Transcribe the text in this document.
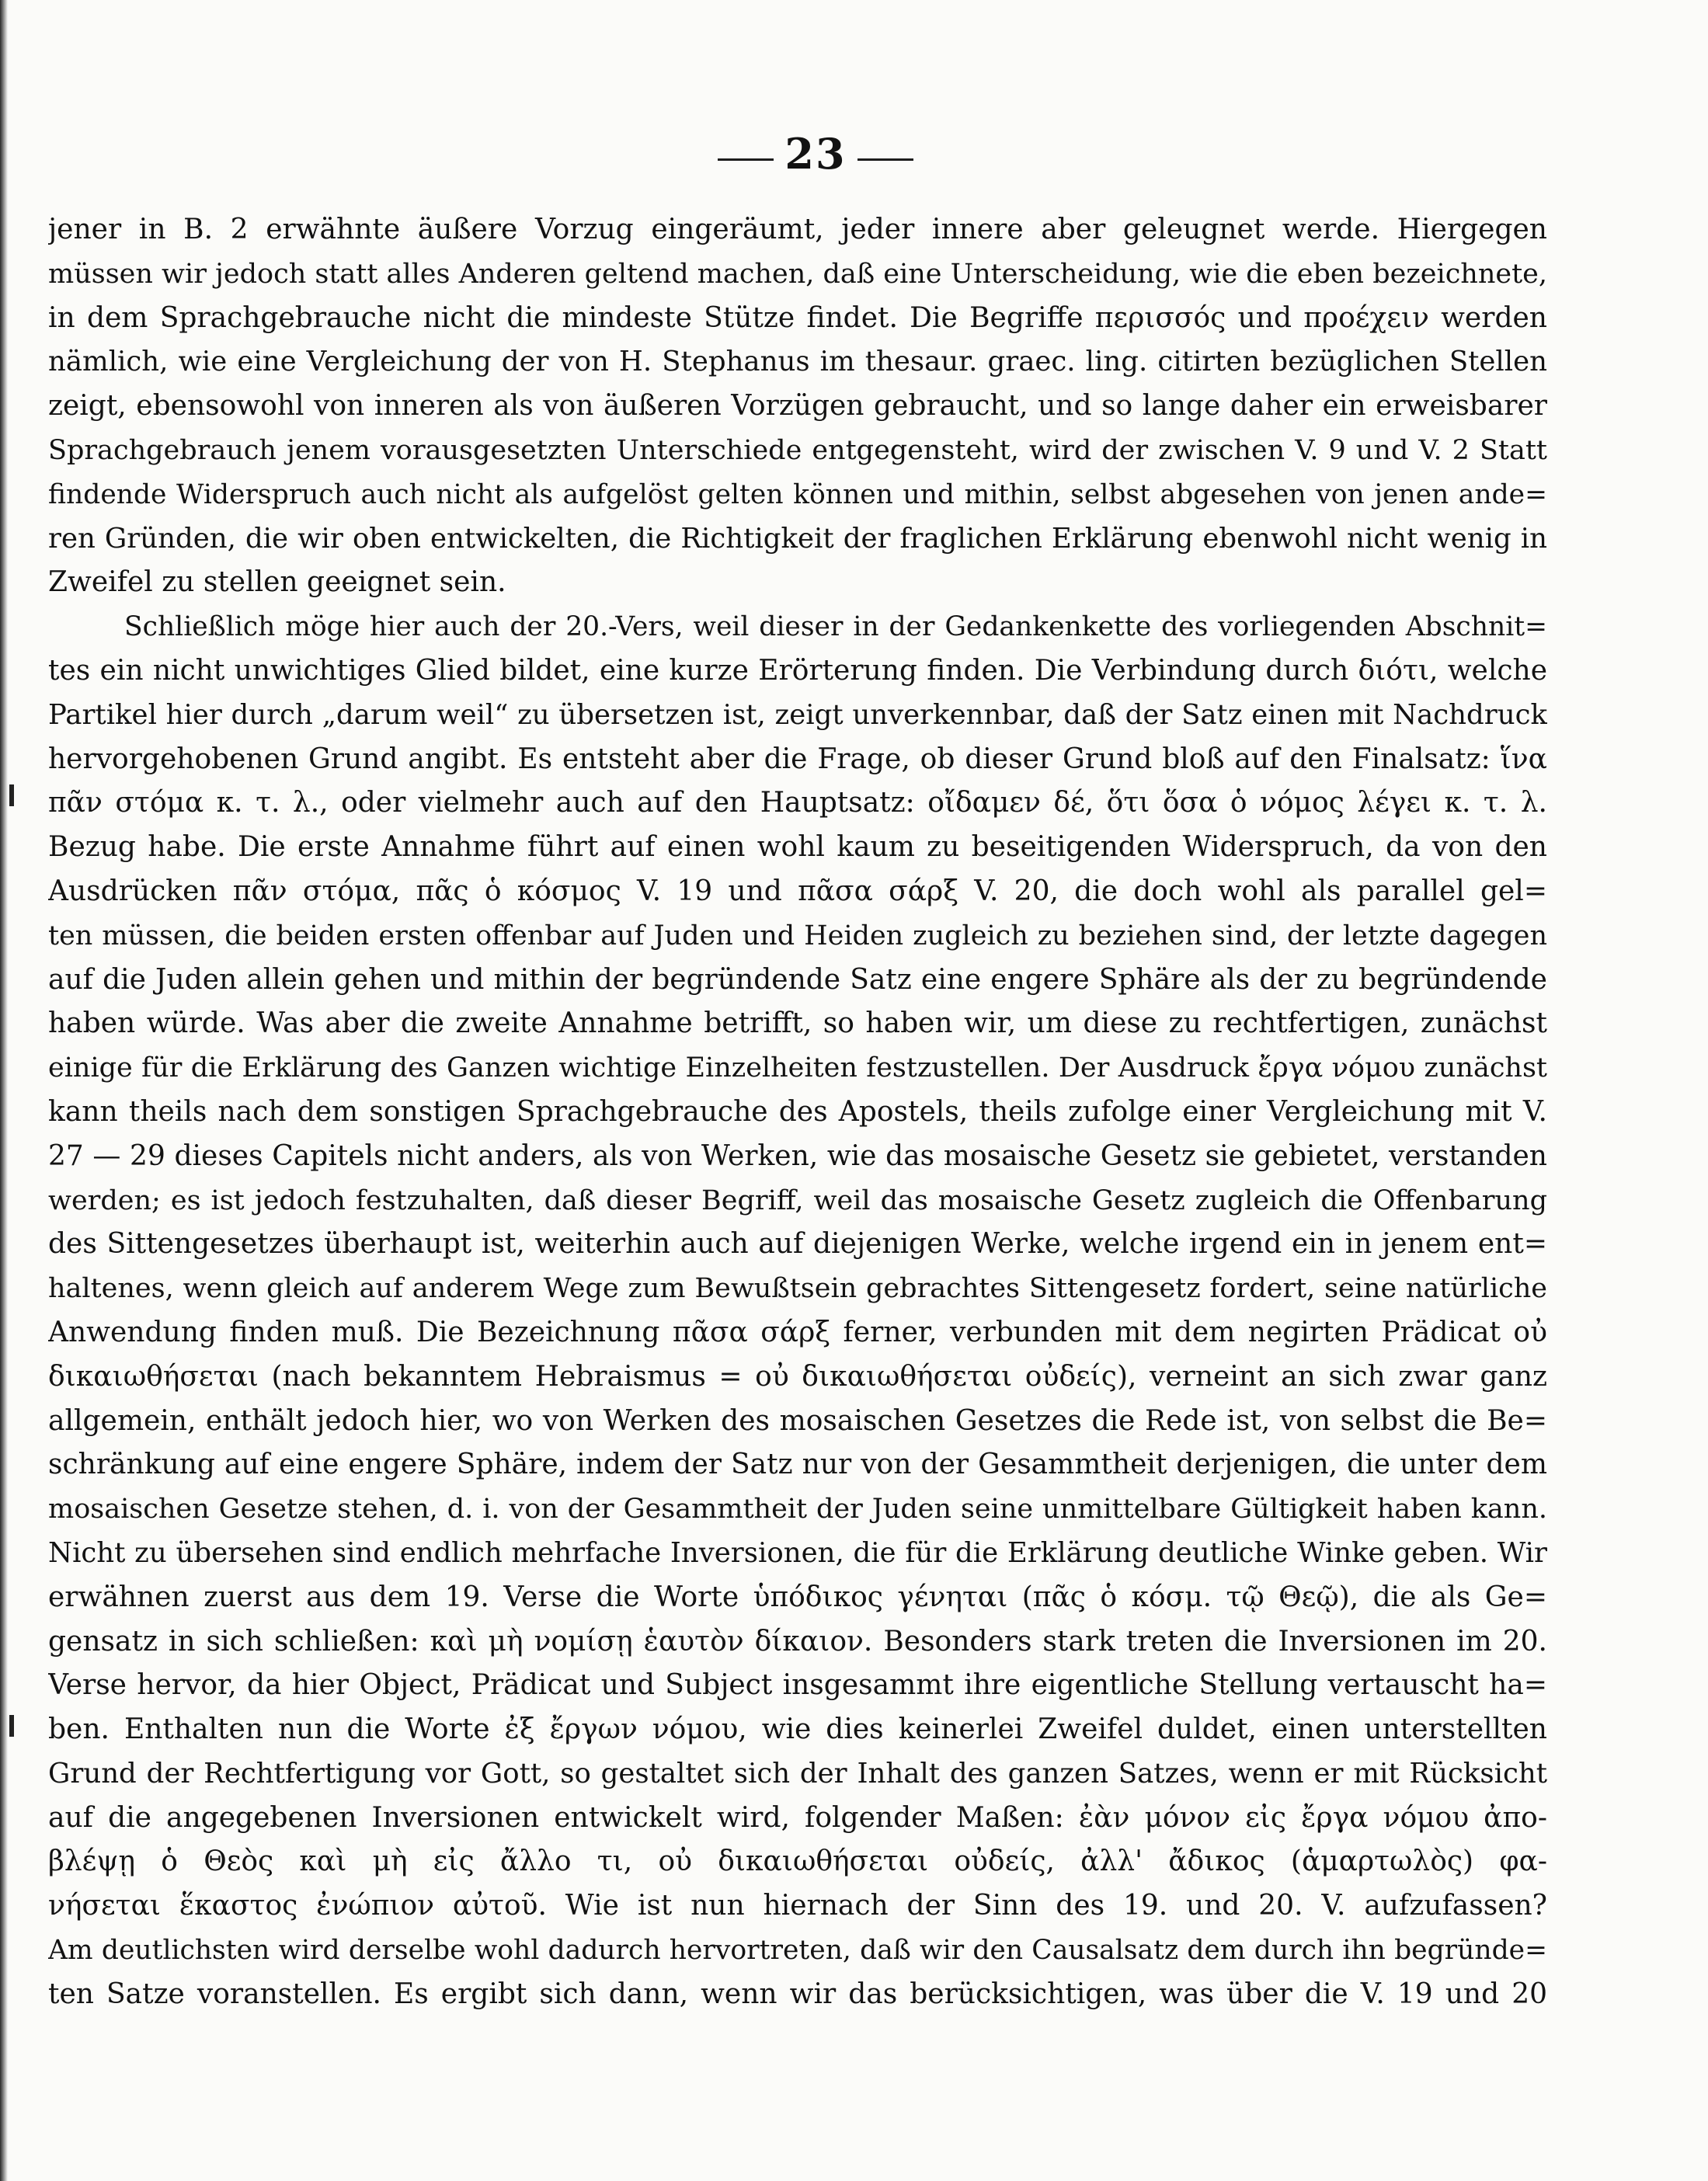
23
jener in B. 2 erwähnte äußere Vorzug eingeräumt, jeder innere aber geleugnet werde. Hiergegen
müssen wir jedoch statt alles Anderen geltend machen, daß eine Unterscheidung, wie die eben bezeichnete,
in dem Sprachgebrauche nicht die mindeste Stütze findet. Die Begriffe περισσός und προέχειν werden
nämlich, wie eine Vergleichung der von H. Stephanus im thesaur. graec. ling. citirten bezüglichen Stellen
zeigt, ebensowohl von inneren als von äußeren Vorzügen gebraucht, und so lange daher ein erweisbarer
Sprachgebrauch jenem vorausgesetzten Unterschiede entgegensteht, wird der zwischen V. 9 und V. 2 Statt
findende Widerspruch auch nicht als aufgelöst gelten können und mithin, selbst abgesehen von jenen ande=
ren Gründen, die wir oben entwickelten, die Richtigkeit der fraglichen Erklärung ebenwohl nicht wenig in
Zweifel zu stellen geeignet sein.
Schließlich möge hier auch der 20.-Vers, weil dieser in der Gedankenkette des vorliegenden Abschnit=
tes ein nicht unwichtiges Glied bildet, eine kurze Erörterung finden. Die Verbindung durch διότι, welche
Partikel hier durch „darum weil“ zu übersetzen ist, zeigt unverkennbar, daß der Satz einen mit Nachdruck
hervorgehobenen Grund angibt. Es entsteht aber die Frage, ob dieser Grund bloß auf den Finalsatz: ἵνα
πᾶν στόμα κ. τ. λ., oder vielmehr auch auf den Hauptsatz: οἴδαμεν δέ, ὅτι ὅσα ὁ νόμος λέγει κ. τ. λ.
Bezug habe. Die erste Annahme führt auf einen wohl kaum zu beseitigenden Widerspruch, da von den
Ausdrücken πᾶν στόμα, πᾶς ὁ κόσμος V. 19 und πᾶσα σάρξ V. 20, die doch wohl als parallel gel=
ten müssen, die beiden ersten offenbar auf Juden und Heiden zugleich zu beziehen sind, der letzte dagegen
auf die Juden allein gehen und mithin der begründende Satz eine engere Sphäre als der zu begründende
haben würde. Was aber die zweite Annahme betrifft, so haben wir, um diese zu rechtfertigen, zunächst
einige für die Erklärung des Ganzen wichtige Einzelheiten festzustellen. Der Ausdruck ἔργα νόμου zunächst
kann theils nach dem sonstigen Sprachgebrauche des Apostels, theils zufolge einer Vergleichung mit V.
27 — 29 dieses Capitels nicht anders, als von Werken, wie das mosaische Gesetz sie gebietet, verstanden
werden; es ist jedoch festzuhalten, daß dieser Begriff, weil das mosaische Gesetz zugleich die Offenbarung
des Sittengesetzes überhaupt ist, weiterhin auch auf diejenigen Werke, welche irgend ein in jenem ent=
haltenes, wenn gleich auf anderem Wege zum Bewußtsein gebrachtes Sittengesetz fordert, seine natürliche
Anwendung finden muß. Die Bezeichnung πᾶσα σάρξ ferner, verbunden mit dem negirten Prädicat οὐ
δικαιωθήσεται (nach bekanntem Hebraismus = οὐ δικαιωθήσεται οὐδείς), verneint an sich zwar ganz
allgemein, enthält jedoch hier, wo von Werken des mosaischen Gesetzes die Rede ist, von selbst die Be=
schränkung auf eine engere Sphäre, indem der Satz nur von der Gesammtheit derjenigen, die unter dem
mosaischen Gesetze stehen, d. i. von der Gesammtheit der Juden seine unmittelbare Gültigkeit haben kann.
Nicht zu übersehen sind endlich mehrfache Inversionen, die für die Erklärung deutliche Winke geben. Wir
erwähnen zuerst aus dem 19. Verse die Worte ὑπόδικος γένηται (πᾶς ὁ κόσμ. τῷ Θεῷ), die als Ge=
gensatz in sich schließen: καὶ μὴ νομίσῃ ἑαυτὸν δίκαιον. Besonders stark treten die Inversionen im 20.
Verse hervor, da hier Object, Prädicat und Subject insgesammt ihre eigentliche Stellung vertauscht ha=
ben. Enthalten nun die Worte ἐξ ἔργων νόμου, wie dies keinerlei Zweifel duldet, einen unterstellten
Grund der Rechtfertigung vor Gott, so gestaltet sich der Inhalt des ganzen Satzes, wenn er mit Rücksicht
auf die angegebenen Inversionen entwickelt wird, folgender Maßen: ἐὰν μόνον εἰς ἔργα νόμου ἀπο-
βλέψῃ ὁ Θεὸς καὶ μὴ εἰς ἄλλο τι, οὐ δικαιωθήσεται οὐδείς, ἀλλ' ἄδικος (ἁμαρτωλὸς) φα-
νήσεται ἕκαστος ἐνώπιον αὐτοῦ. Wie ist nun hiernach der Sinn des 19. und 20. V. aufzufassen?
Am deutlichsten wird derselbe wohl dadurch hervortreten, daß wir den Causalsatz dem durch ihn begründe=
ten Satze voranstellen. Es ergibt sich dann, wenn wir das berücksichtigen, was über die V. 19 und 20
